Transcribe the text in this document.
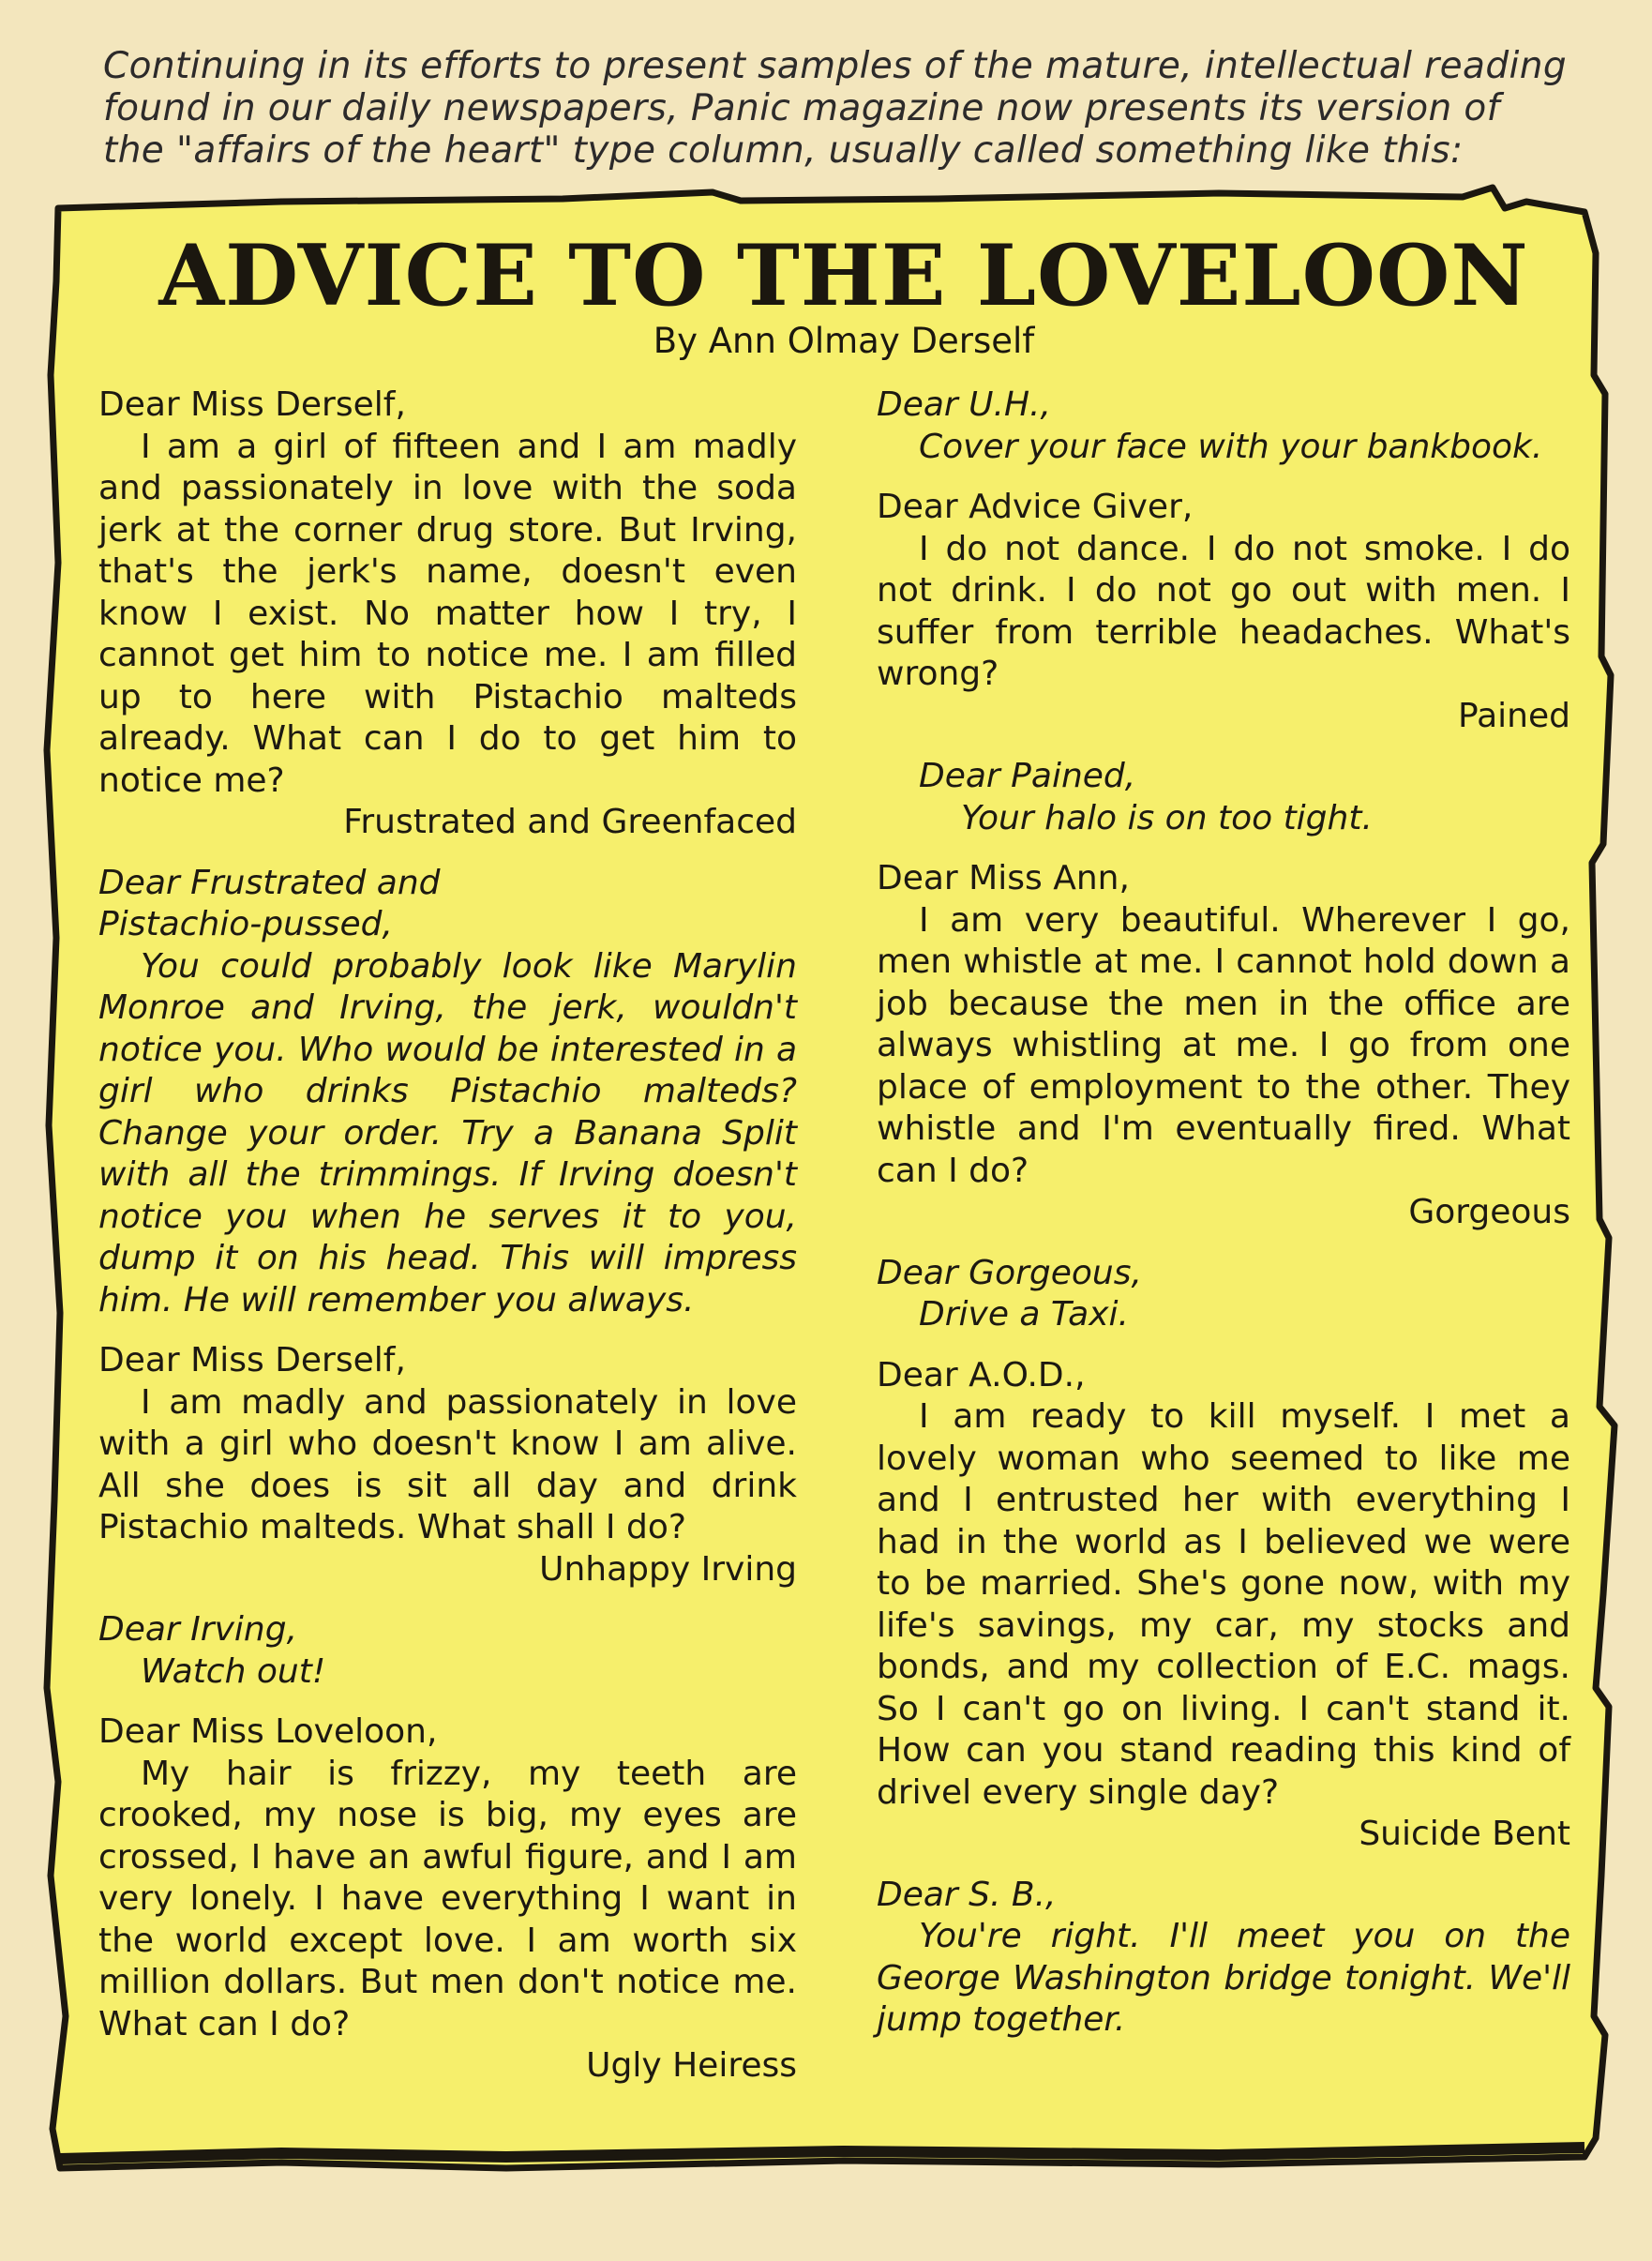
Continuing in its efforts to present samples of the mature, intellectual reading

found in our daily newspapers, Panic magazine now presents its version of

the "affairs of the heart" type column, usually called something like this:

ADVICE TO THE LOVELOON
By Ann Olmay Derself
Dear Miss Derself,
I am a girl of fifteen and I am madly and passionately in love with the soda jerk at the corner drug store. But Irving, that's the jerk's name, doesn't even know I exist. No matter how I try, I cannot get him to notice me. I am filled up to here with Pistachio malteds already. What can I do to get him to notice me?
Frustrated and Greenfaced
Dear Frustrated and
Pistachio-pussed,
You could probably look like Marylin Monroe and Irving, the jerk, wouldn't notice you. Who would be interested in a girl who drinks Pistachio malteds? Change your order. Try a Banana Split with all the trimmings. If Irving doesn't notice you when he serves it to you, dump it on his head. This will impress him. He will remember you always.
Dear Miss Derself,
I am madly and passionately in love with a girl who doesn't know I am alive. All she does is sit all day and drink Pistachio malteds. What shall I do?
Unhappy Irving
Dear Irving,
Watch out!
Dear Miss Loveloon,
My hair is frizzy, my teeth are crooked, my nose is big, my eyes are crossed, I have an awful figure, and I am very lonely. I have everything I want in the world except love. I am worth six million dollars. But men don't notice me. What can I do?
Ugly Heiress
Dear U.H.,
Cover your face with your bankbook.
Dear Advice Giver,
I do not dance. I do not smoke. I do not drink. I do not go out with men. I suffer from terrible headaches. What's wrong?
Pained
Dear Pained,
Your halo is on too tight.
Dear Miss Ann,
I am very beautiful. Wherever I go, men whistle at me. I cannot hold down a job because the men in the office are always whistling at me. I go from one place of employment to the other. They whistle and I'm eventually fired. What can I do?
Gorgeous
Dear Gorgeous,
Drive a Taxi.
Dear A.O.D.,
I am ready to kill myself. I met a lovely woman who seemed to like me and I entrusted her with everything I had in the world as I believed we were to be married. She's gone now, with my life's savings, my car, my stocks and bonds, and my collection of E.C. mags. So I can't go on living. I can't stand it. How can you stand reading this kind of drivel every single day?
Suicide Bent
Dear S. B.,
You're right. I'll meet you on the George Washington bridge tonight. We'll jump together.
